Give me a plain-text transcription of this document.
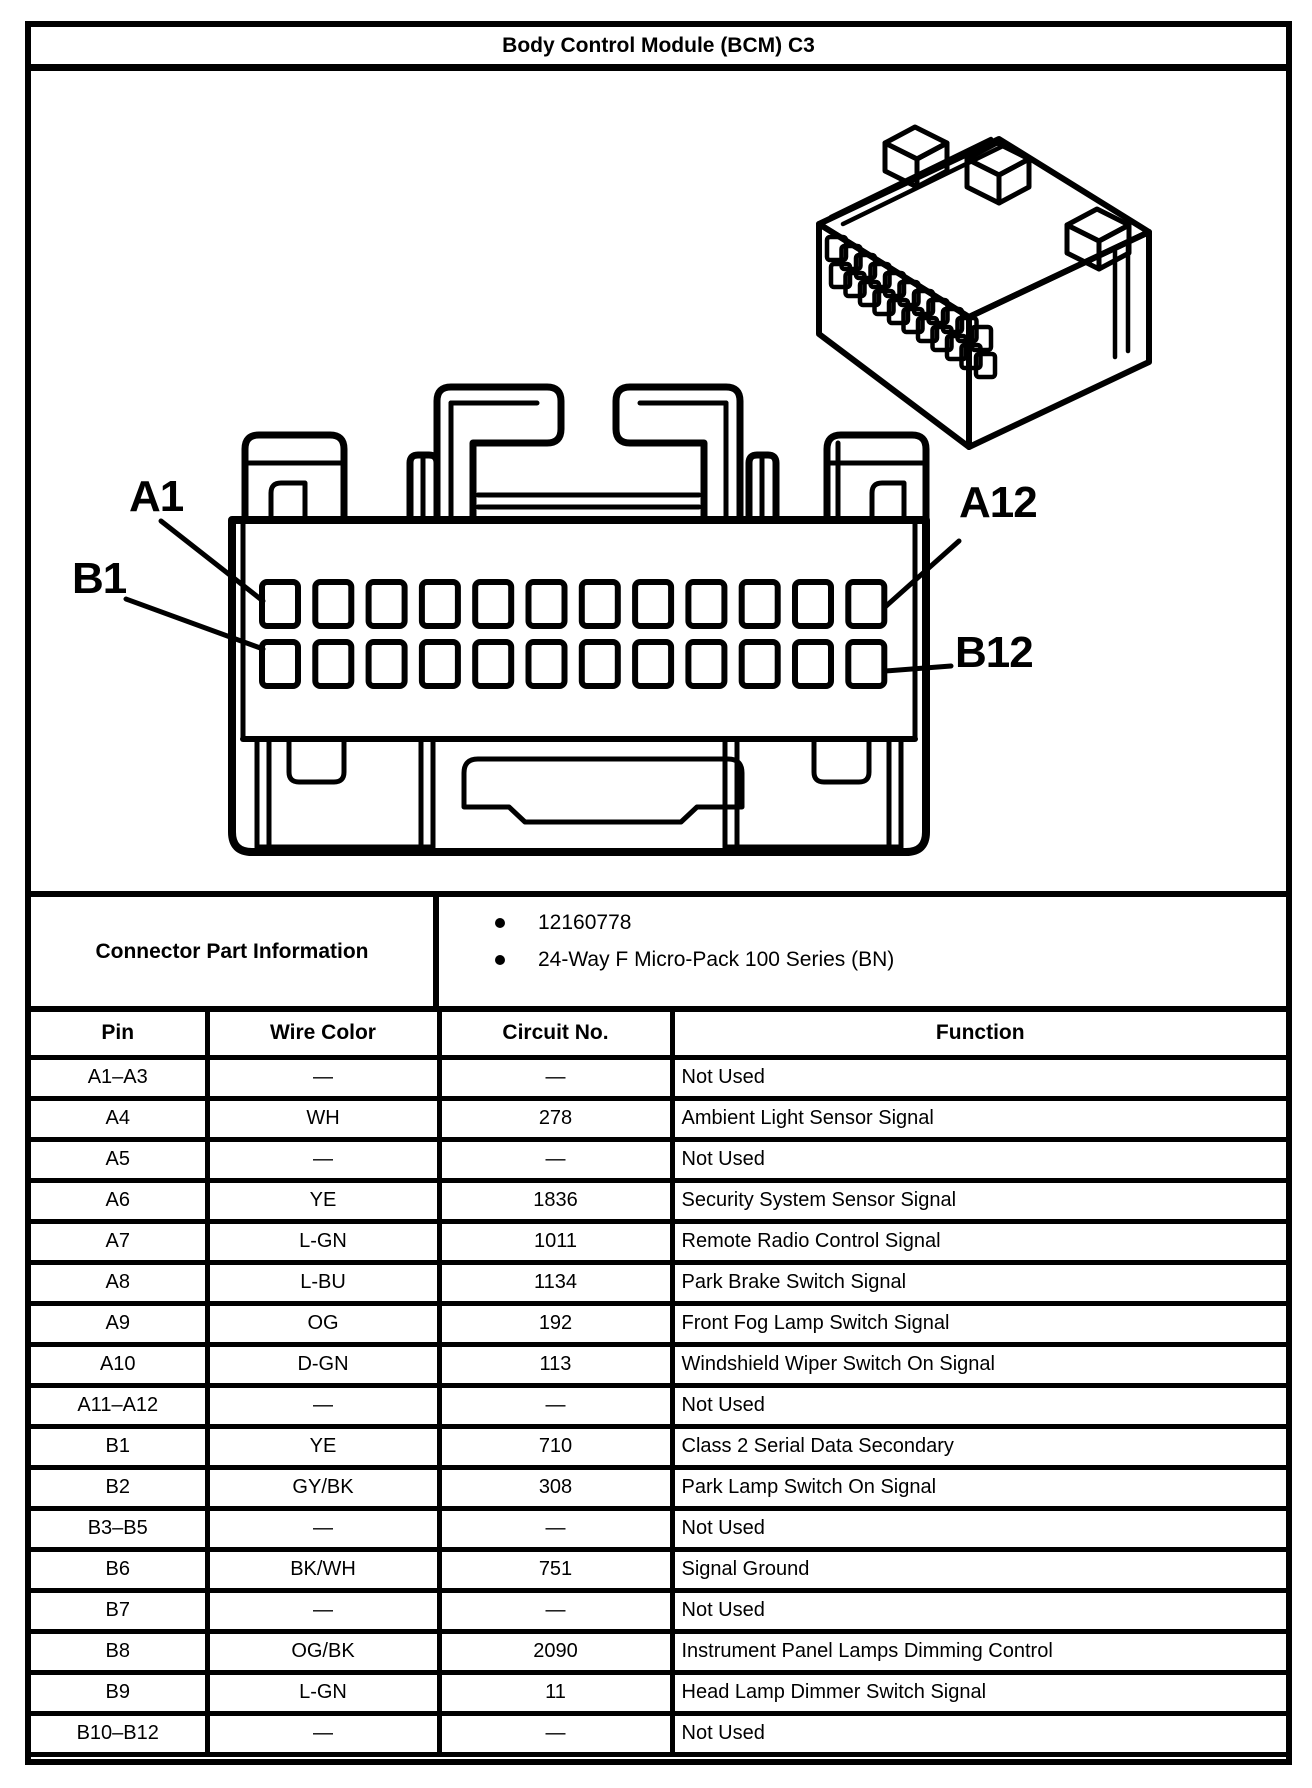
Body Control Module (BCM) C3
A1	A12
B1
B12
Connector Part Information
12160778
24-Way F Micro-Pack 100 Series (BN)
Pin	Wire Color	Circuit No.	Function
A1–A3	—	—	Not Used
A4	WH	278	Ambient Light Sensor Signal
A5	—	—	Not Used
A6	YE	1836	Security System Sensor Signal
A7	L-GN	1011	Remote Radio Control Signal
A8	L-BU	1134	Park Brake Switch Signal
A9	OG	192	Front Fog Lamp Switch Signal
A10	D-GN	113	Windshield Wiper Switch On Signal
A11–A12	—	—	Not Used
B1	YE	710	Class 2 Serial Data Secondary
B2	GY/BK	308	Park Lamp Switch On Signal
B3–B5	—	—	Not Used
B6	BK/WH	751	Signal Ground
B7	—	—	Not Used
B8	OG/BK	2090	Instrument Panel Lamps Dimming Control
B9	L-GN	11	Head Lamp Dimmer Switch Signal
B10–B12	—	—	Not Used
